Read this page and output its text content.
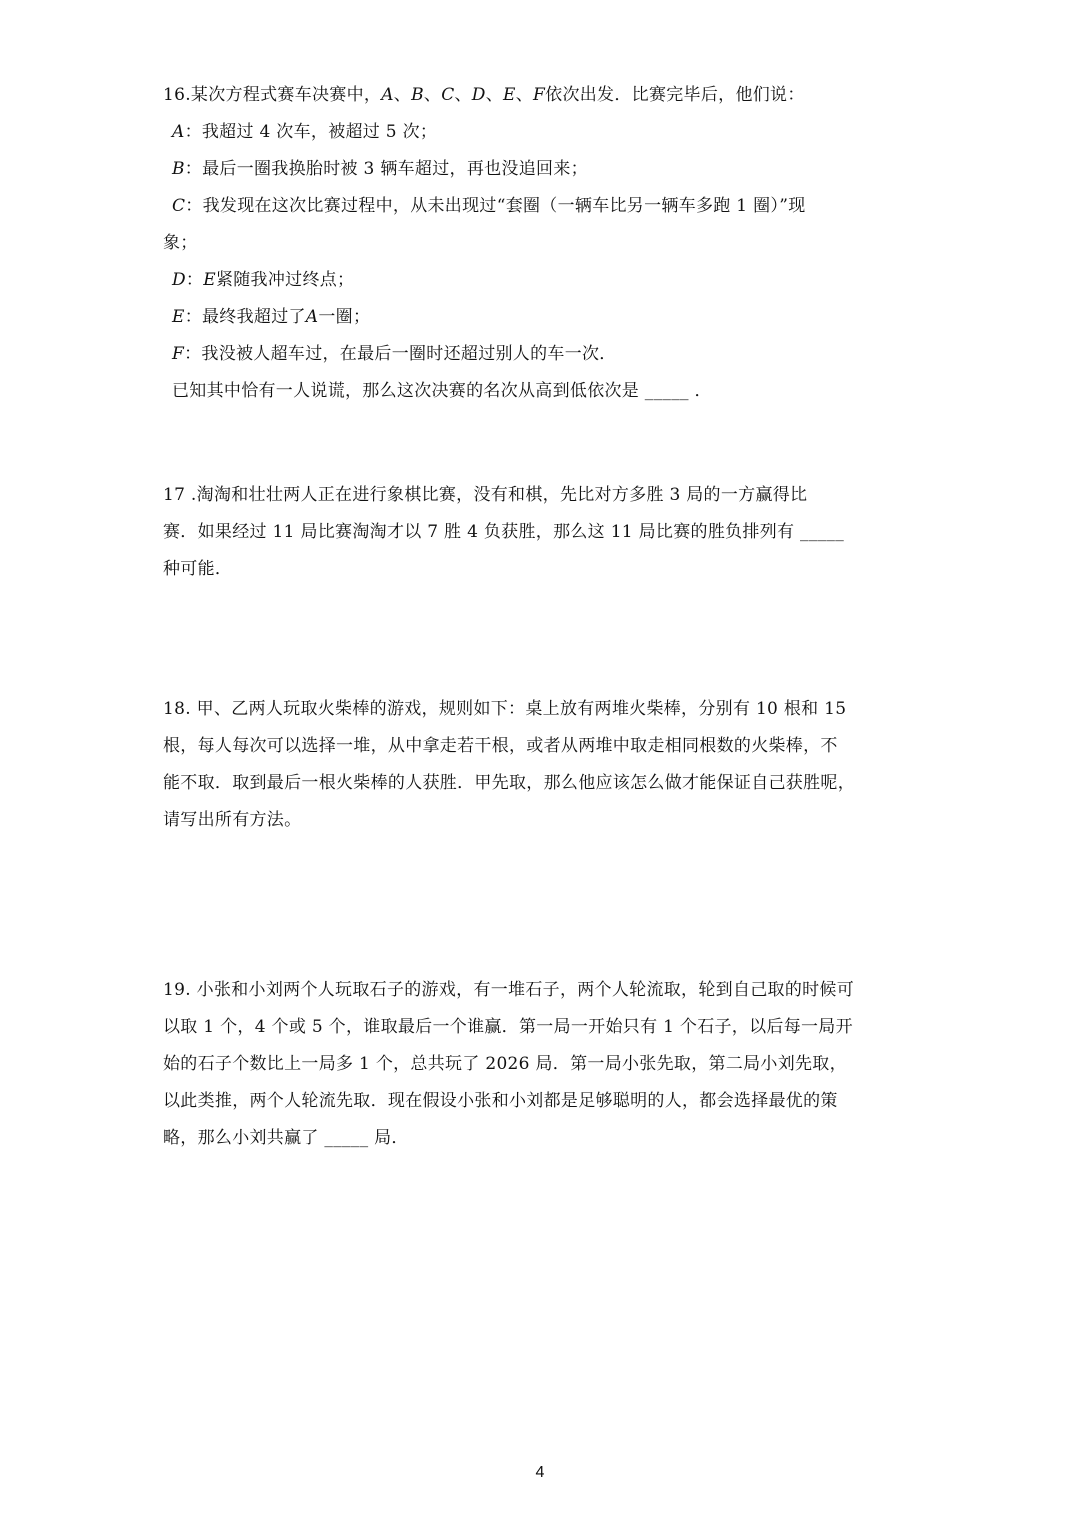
16.某次方程式赛车决赛中，𝐴、𝐵、𝐶、𝐷、𝐸、𝐹依次出发．比赛完毕后，他们说：
𝐴：我超过 4 次车，被超过 5 次；
𝐵：最后一圈我换胎时被 3 辆车超过，再也没追回来；
𝐶：我发现在这次比赛过程中，从未出现过“套圈（一辆车比另一辆车多跑 1 圈）”现
象；
𝐷：𝐸紧随我冲过终点；
𝐸：最终我超过了𝐴一圈；
𝐹：我没被人超车过，在最后一圈时还超过别人的车一次．
已知其中恰有一人说谎，那么这次决赛的名次从高到低依次是 _____ ．
17 .淘淘和壮壮两人正在进行象棋比赛，没有和棋，先比对方多胜 3 局的一方赢得比
赛．如果经过 11 局比赛淘淘才以 7 胜 4 负获胜，那么这 11 局比赛的胜负排列有 _____
种可能．
18. 甲、乙两人玩取火柴棒的游戏，规则如下：桌上放有两堆火柴棒，分别有 10 根和 15
根，每人每次可以选择一堆，从中拿走若干根，或者从两堆中取走相同根数的火柴棒，不
能不取．取到最后一根火柴棒的人获胜．甲先取，那么他应该怎么做才能保证自己获胜呢，
请写出所有方法。
19. 小张和小刘两个人玩取石子的游戏，有一堆石子，两个人轮流取，轮到自己取的时候可
以取 1 个，4 个或 5 个，谁取最后一个谁赢．第一局一开始只有 1 个石子，以后每一局开
始的石子个数比上一局多 1 个，总共玩了 2026 局．第一局小张先取，第二局小刘先取，
以此类推，两个人轮流先取．现在假设小张和小刘都是足够聪明的人，都会选择最优的策
略，那么小刘共赢了 _____ 局．
4
